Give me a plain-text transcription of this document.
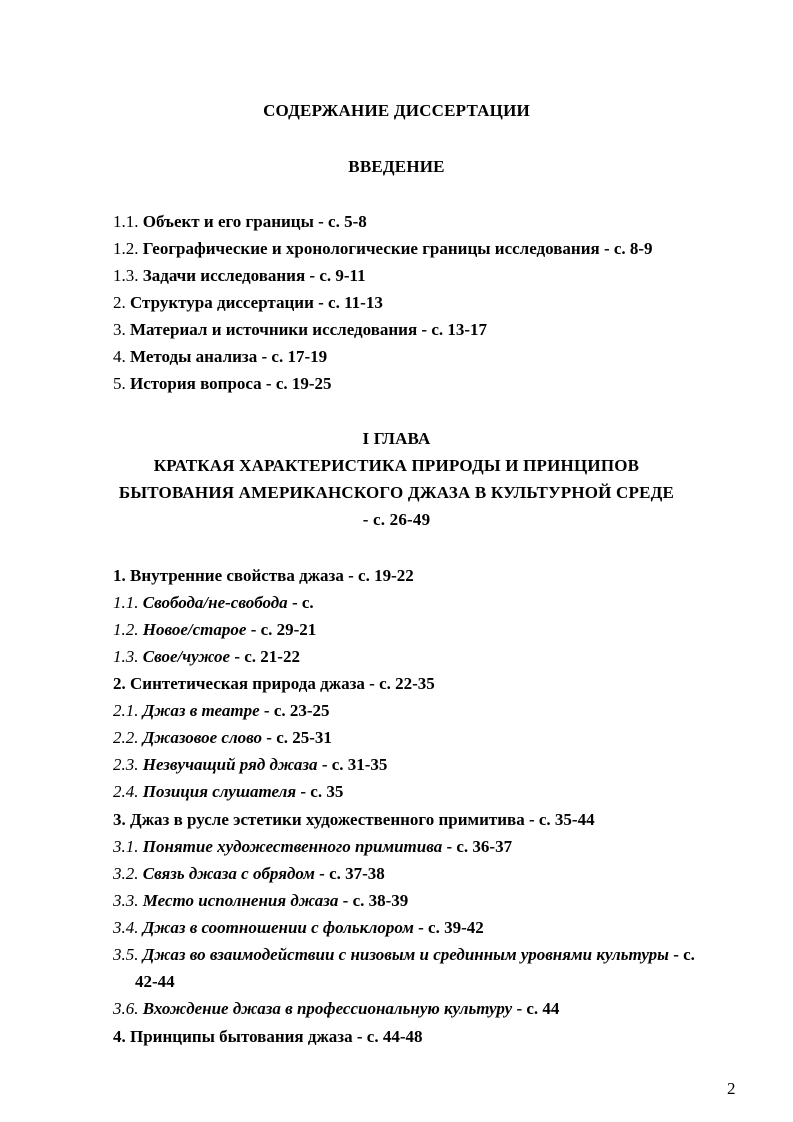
СОДЕРЖАНИЕ ДИССЕРТАЦИИ
ВВЕДЕНИЕ
1.1. Объект и его границы - с. 5-8
1.2. Географические и хронологические границы исследования - с. 8-9
1.3. Задачи исследования - с. 9-11
2. Структура диссертации - с. 11-13
3. Материал и источники исследования - с. 13-17
4. Методы анализа - с. 17-19
5. История вопроса - с. 19-25
I ГЛАВА
КРАТКАЯ ХАРАКТЕРИСТИКА ПРИРОДЫ И ПРИНЦИПОВ
БЫТОВАНИЯ АМЕРИКАНСКОГО ДЖАЗА В КУЛЬТУРНОЙ СРЕДЕ
- с. 26-49
1. Внутренние свойства джаза - с. 19-22
1.1. Свобода/не-свобода - с.
1.2. Новое/старое - с. 29-21
1.3. Свое/чужое - с. 21-22
2. Синтетическая природа джаза - с. 22-35
2.1. Джаз в театре - с. 23-25
2.2. Джазовое слово - с. 25-31
2.3. Незвучащий ряд джаза - с. 31-35
2.4. Позиция слушателя - с. 35
3. Джаз в русле эстетики художественного примитива - с. 35-44
3.1. Понятие художественного примитива - с. 36-37
3.2. Связь джаза с обрядом - с. 37-38
3.3. Место исполнения джаза - с. 38-39
3.4. Джаз в соотношении с фольклором - с. 39-42
3.5. Джаз во взаимодействии с низовым и срединным уровнями культуры - с.
42-44
3.6. Вхождение джаза в профессиональную культуру - с. 44
4. Принципы бытования джаза - с. 44-48
2
